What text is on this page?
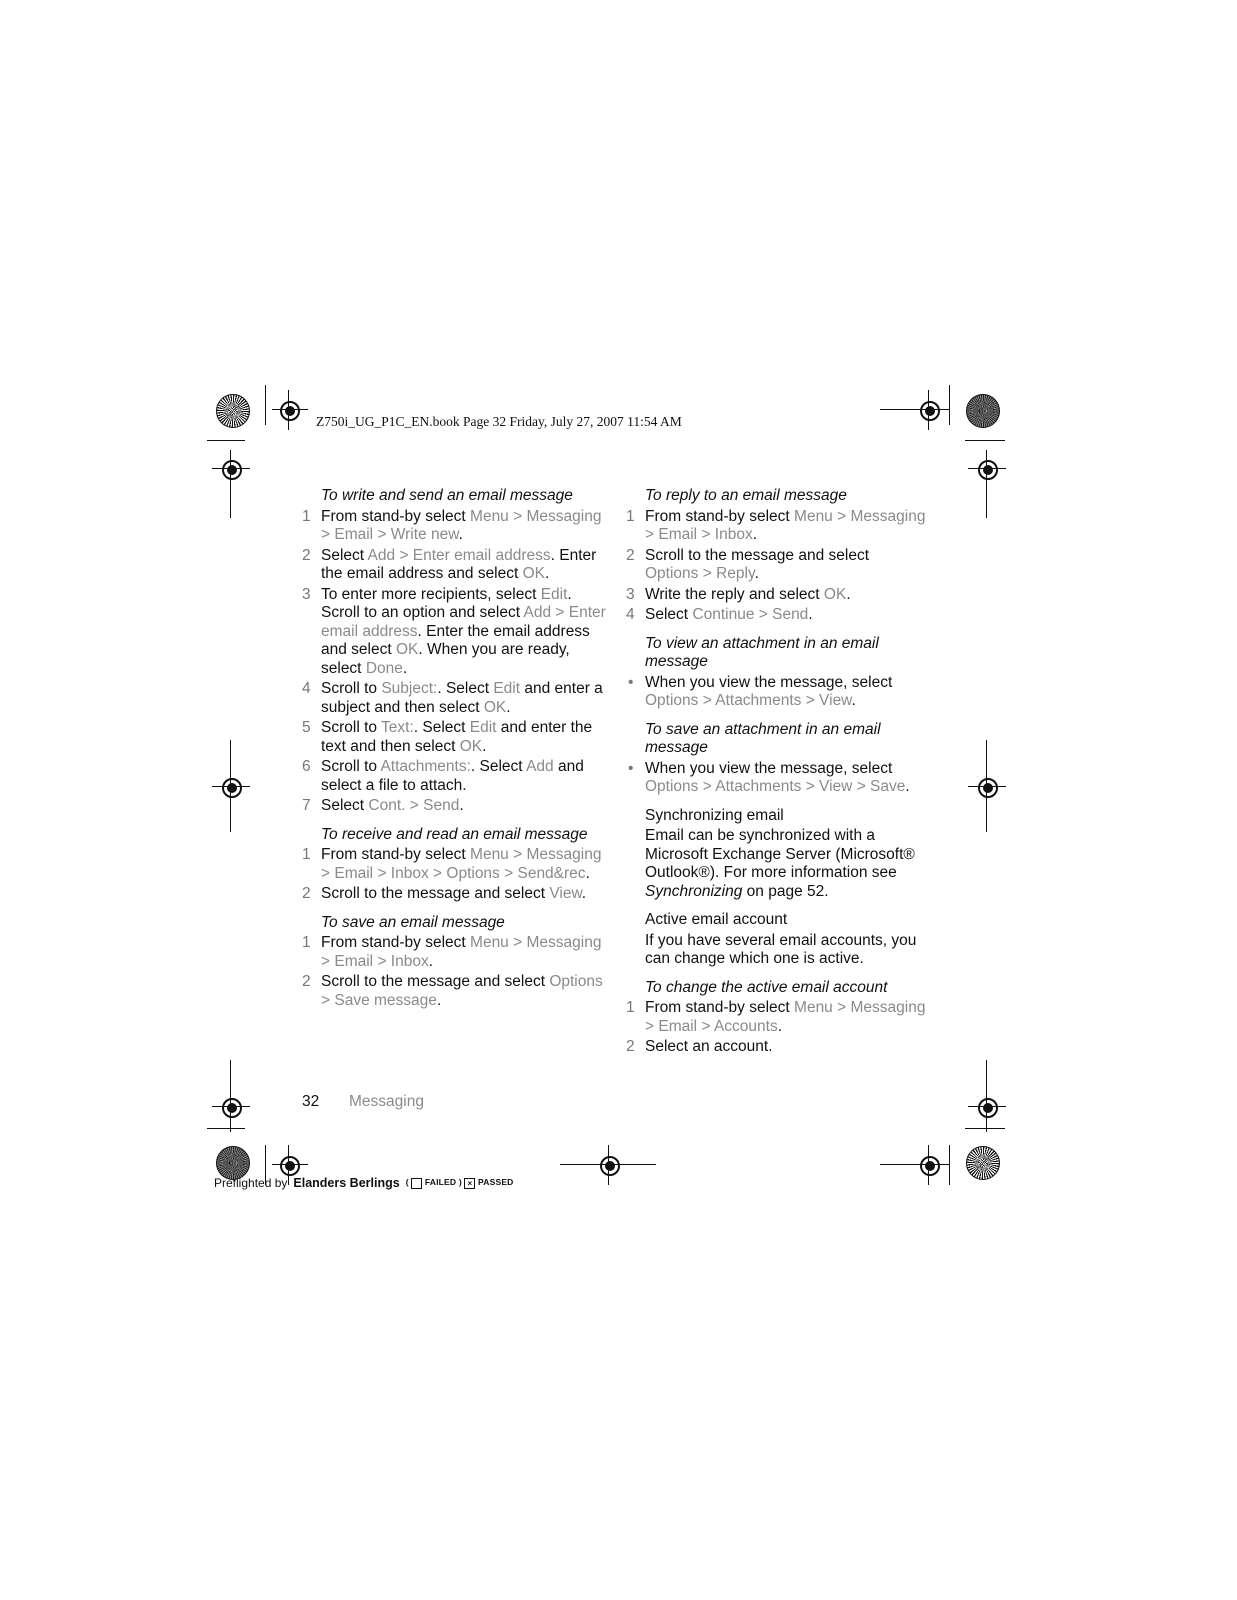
Z750i_UG_P1C_EN.book Page 32 Friday, July 27, 2007 11:54 AM
To write and send an email message
1 From stand-by select Menu > Messaging > Email > Write new.
2 Select Add > Enter email address. Enter the email address and select OK.
3 To enter more recipients, select Edit. Scroll to an option and select Add > Enter email address. Enter the email address and select OK. When you are ready, select Done.
4 Scroll to Subject:. Select Edit and enter a subject and then select OK.
5 Scroll to Text:. Select Edit and enter the text and then select OK.
6 Scroll to Attachments:. Select Add and select a file to attach.
7 Select Cont. > Send.
To receive and read an email message
1 From stand-by select Menu > Messaging > Email > Inbox > Options > Send&rec.
2 Scroll to the message and select View.
To save an email message
1 From stand-by select Menu > Messaging > Email > Inbox.
2 Scroll to the message and select Options > Save message.
To reply to an email message
1 From stand-by select Menu > Messaging > Email > Inbox.
2 Scroll to the message and select Options > Reply.
3 Write the reply and select OK.
4 Select Continue > Send.
To view an attachment in an email message
• When you view the message, select Options > Attachments > View.
To save an attachment in an email message
• When you view the message, select Options > Attachments > View > Save.
Synchronizing email
Email can be synchronized with a Microsoft Exchange Server (Microsoft® Outlook®). For more information see Synchronizing on page 52.
Active email account
If you have several email accounts, you can change which one is active.
To change the active email account
1 From stand-by select Menu > Messaging > Email > Accounts.
2 Select an account.
32 Messaging
Preflighted by Elanders Berlings (  FAILED ) × PASSED
